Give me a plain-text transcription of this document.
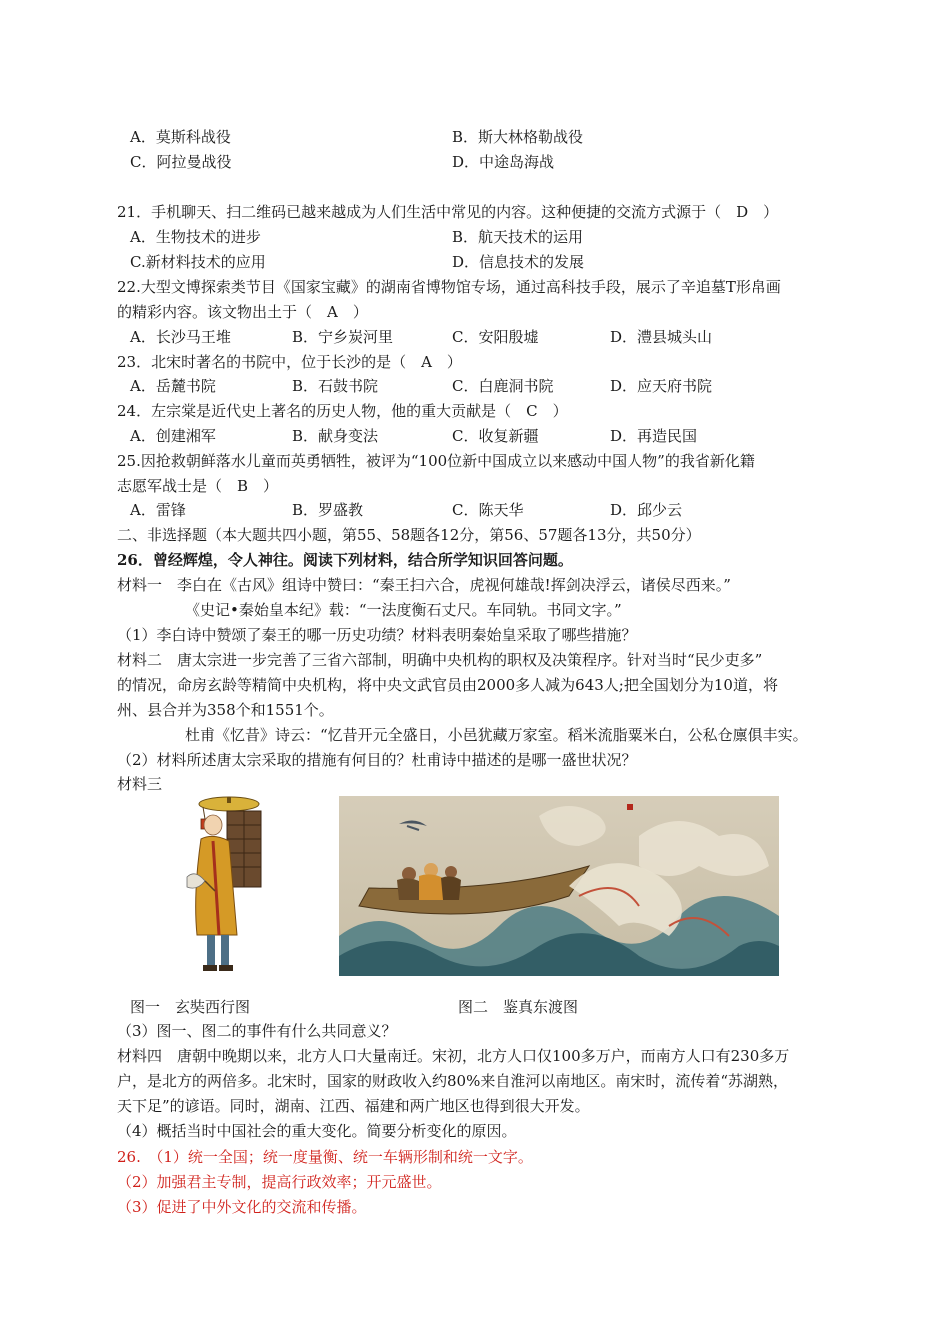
A．莫斯科战役	B．斯大林格勒战役
C．阿拉曼战役	D．中途岛海战
21．手机聊天、扫二维码已越来越成为人们生活中常见的内容。这种便捷的交流方式源于（　D　）
A．生物技术的进步	B．航天技术的运用
C.新材料技术的应用	D．信息技术的发展
22.大型文博探索类节目《国家宝藏》的湖南省博物馆专场，通过高科技手段，展示了辛追墓T形帛画
的精彩内容。该文物出土于（　A　）
A．长沙马王堆	B．宁乡炭河里	C．安阳殷墟	D．澧县城头山
23．北宋时著名的书院中，位于长沙的是（　A　）
A．岳麓书院	B．石鼓书院	C．白鹿洞书院	D．应天府书院
24．左宗棠是近代史上著名的历史人物，他的重大贡献是（　C　）
A．创建湘军	B．献身变法	C．收复新疆	D．再造民国
25.因抢救朝鲜落水儿童而英勇牺牲，被评为“100位新中国成立以来感动中国人物”的我省新化籍
志愿军战士是（　B　）
A．雷锋	B．罗盛教	C．陈天华	D．邱少云
二、非选择题（本大题共四小题，第55、58题各12分，第56、57题各13分，共50分）
26．曾经辉煌，令人神往。阅读下列材料，结合所学知识回答问题。
材料一　李白在《古风》组诗中赞曰：“秦王扫六合，虎视何雄哉!挥剑决浮云，诸侯尽西来。”
《史记•秦始皇本纪》载：“一法度衡石丈尺。车同轨。书同文字。”
（1）李白诗中赞颂了秦王的哪一历史功绩？材料表明秦始皇采取了哪些措施？
材料二　唐太宗进一步完善了三省六部制，明确中央机构的职权及决策程序。针对当时“民少吏多”
的情况，命房玄龄等精简中央机构，将中央文武官员由2000多人减为643人;把全国划分为10道，将
州、县合并为358个和1551个。
杜甫《忆昔》诗云：“忆昔开元全盛日，小邑犹藏万家室。稻米流脂粟米白，公私仓廪俱丰实。
（2）材料所述唐太宗采取的措施有何目的？杜甫诗中描述的是哪一盛世状况？
材料三
图一　玄奘西行图	图二　鉴真东渡图
（3）图一、图二的事件有什么共同意义？
材料四　唐朝中晚期以来，北方人口大量南迁。宋初，北方人口仅100多万户，而南方人口有230多万
户，是北方的两倍多。北宋时，国家的财政收入约80%来自淮河以南地区。南宋时，流传着“苏湖熟，
天下足”的谚语。同时，湖南、江西、福建和两广地区也得到很大开发。
（4）概括当时中国社会的重大变化。简要分析变化的原因。
26.　（1）统一全国；统一度量衡、统一车辆形制和统一文字。
（2）加强君主专制，提高行政效率；开元盛世。
（3）促进了中外文化的交流和传播。
